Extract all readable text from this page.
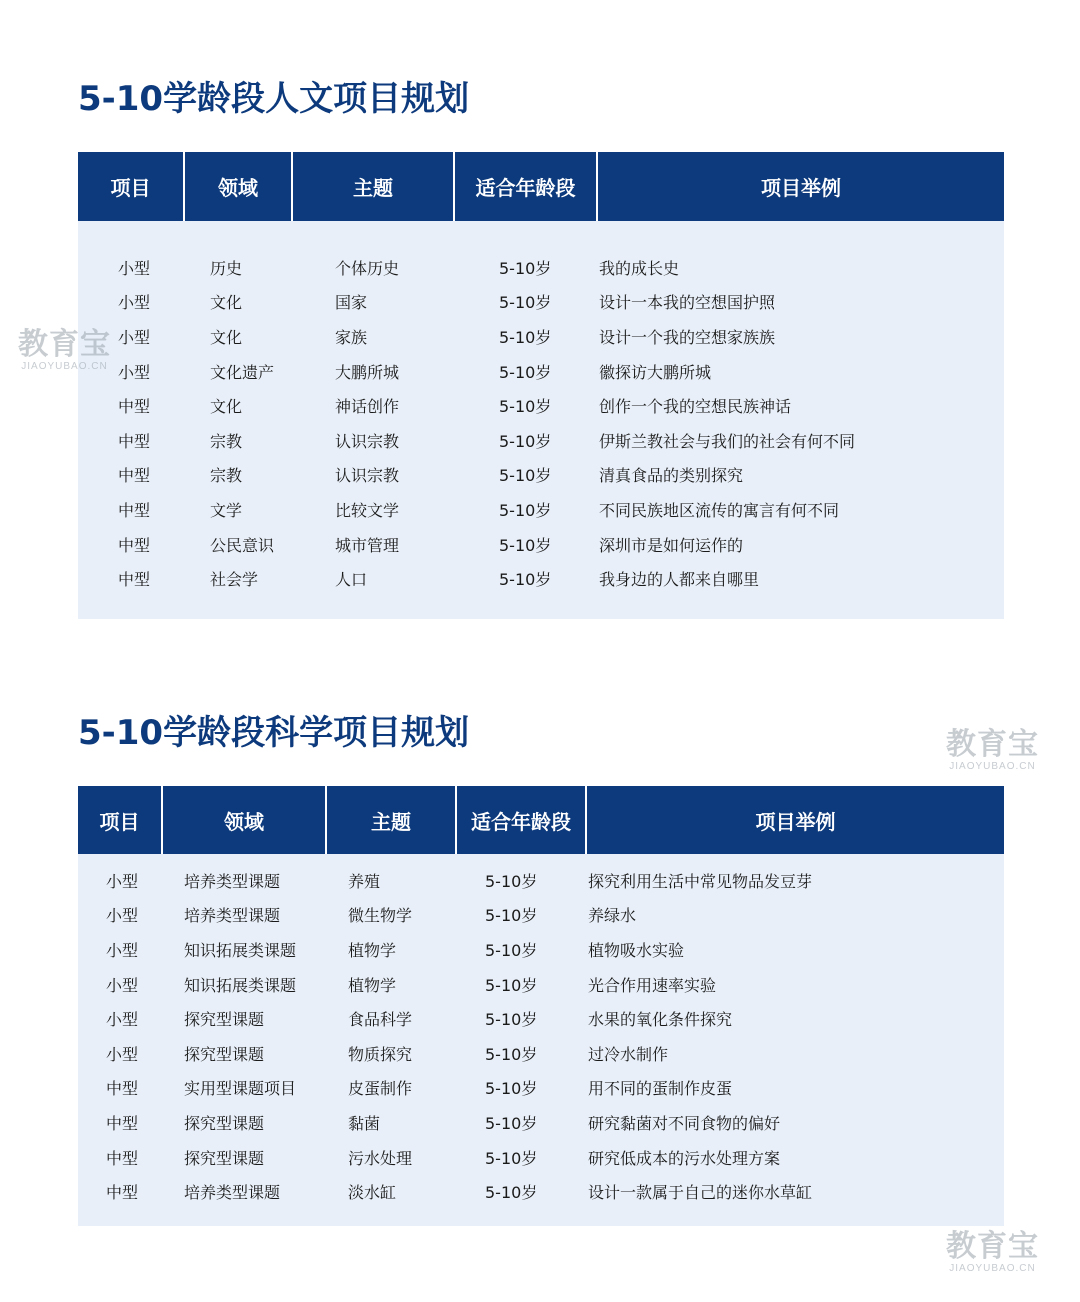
5-10学龄段人文项目规划
项目	领域	主题	适合年龄段	项目举例
小型	历史	个体历史	5-10岁	我的成长史
小型	文化	国家	5-10岁	设计一本我的空想国护照
小型	文化	家族	5-10岁	设计一个我的空想家族族
小型	文化遗产	大鹏所城	5-10岁	徽探访大鹏所城
中型	文化	神话创作	5-10岁	创作一个我的空想民族神话
中型	宗教	认识宗教	5-10岁	伊斯兰教社会与我们的社会有何不同
中型	宗教	认识宗教	5-10岁	清真食品的类别探究
中型	文学	比较文学	5-10岁	不同民族地区流传的寓言有何不同
中型	公民意识	城市管理	5-10岁	深圳市是如何运作的
中型	社会学	人口	5-10岁	我身边的人都来自哪里
5-10学龄段科学项目规划
项目	领域	主题	适合年龄段	项目举例
小型	培养类型课题	养殖	5-10岁	探究利用生活中常见物品发豆芽
小型	培养类型课题	微生物学	5-10岁	养绿水
小型	知识拓展类课题	植物学	5-10岁	植物吸水实验
小型	知识拓展类课题	植物学	5-10岁	光合作用速率实验
小型	探究型课题	食品科学	5-10岁	水果的氧化条件探究
小型	探究型课题	物质探究	5-10岁	过冷水制作
中型	实用型课题项目	皮蛋制作	5-10岁	用不同的蛋制作皮蛋
中型	探究型课题	黏菌	5-10岁	研究黏菌对不同食物的偏好
中型	探究型课题	污水处理	5-10岁	研究低成本的污水处理方案
中型	培养类型课题	淡水缸	5-10岁	设计一款属于自己的迷你水草缸
教育宝
JIAOYUBAO.CN
教育宝
JIAOYUBAO.CN
教育宝
JIAOYUBAO.CN
